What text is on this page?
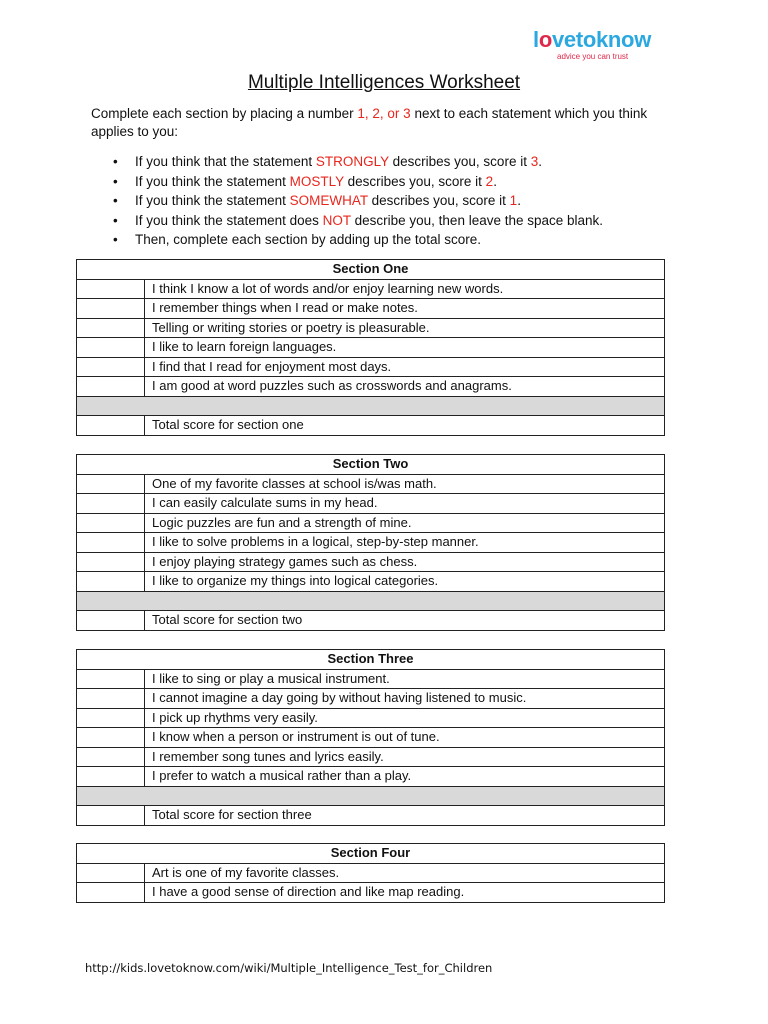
lovetoknow
advice you can trust
Multiple Intelligences Worksheet
Complete each section by placing a number 1, 2, or 3 next to each statement which you think applies to you:
• If you think that the statement STRONGLY describes you, score it 3.
• If you think the statement MOSTLY describes you, score it 2.
• If you think the statement SOMEWHAT describes you, score it 1.
• If you think the statement does NOT describe you, then leave the space blank.
• Then, complete each section by adding up the total score.
Section One	
	I think I know a lot of words and/or enjoy learning new words.
	I remember things when I read or make notes.
	Telling or writing stories or poetry is pleasurable.
	I like to learn foreign languages.
	I find that I read for enjoyment most days.
	I am good at word puzzles such as crosswords and anagrams.

	Total score for section one
Section Two	
	One of my favorite classes at school is/was math.
	I can easily calculate sums in my head.
	Logic puzzles are fun and a strength of mine.
	I like to solve problems in a logical, step-by-step manner.
	I enjoy playing strategy games such as chess.
	I like to organize my things into logical categories.

	Total score for section two
Section Three	
	I like to sing or play a musical instrument.
	I cannot imagine a day going by without having listened to music.
	I pick up rhythms very easily.
	I know when a person or instrument is out of tune.
	I remember song tunes and lyrics easily.
	I prefer to watch a musical rather than a play.

	Total score for section three
Section Four	
	Art is one of my favorite classes.
	I have a good sense of direction and like map reading.
http://kids.lovetoknow.com/wiki/Multiple_Intelligence_Test_for_Children
